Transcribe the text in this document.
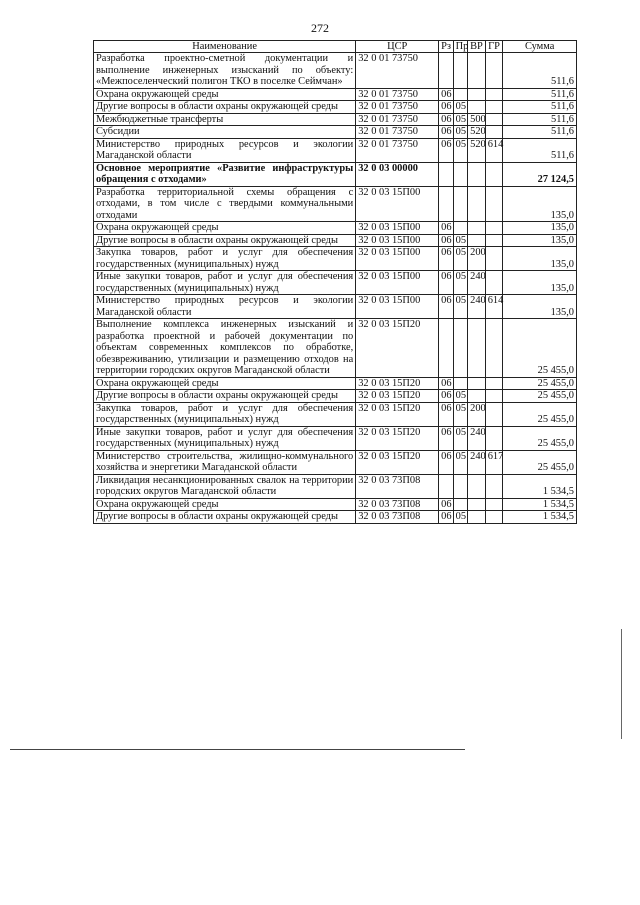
272
Наименование	ЦСР	Рз	Пр	ВР	ГР	Сумма
Разработка проектно-сметной документации и выполнение инженерных изысканий по объекту: «Межпоселенческий полигон ТКО в поселке Сеймчан»	32 0 01 73750					511,6
Охрана окружающей среды	32 0 01 73750	06				511,6
Другие вопросы в области охраны окружающей среды	32 0 01 73750	06	05			511,6
Межбюджетные трансферты	32 0 01 73750	06	05	500		511,6
Субсидии	32 0 01 73750	06	05	520		511,6
Министерство природных ресурсов и экологии Магаданской области	32 0 01 73750	06	05	520	614	511,6
Основное мероприятие «Развитие инфраструктуры обращения с отходами»	32 0 03 00000					27 124,5
Разработка территориальной схемы обращения с отходами, в том числе с твердыми коммунальными отходами	32 0 03 15П00					135,0
Охрана окружающей среды	32 0 03 15П00	06				135,0
Другие вопросы в области охраны окружающей среды	32 0 03 15П00	06	05			135,0
Закупка товаров, работ и услуг для обеспечения государственных (муниципальных) нужд	32 0 03 15П00	06	05	200		135,0
Иные закупки товаров, работ и услуг для обеспечения государственных (муниципальных) нужд	32 0 03 15П00	06	05	240		135,0
Министерство природных ресурсов и экологии Магаданской области	32 0 03 15П00	06	05	240	614	135,0
Выполнение комплекса инженерных изысканий и разработка проектной и рабочей документации по объектам современных комплексов по обработке, обезвреживанию, утилизации и размещению отходов на территории городских округов Магаданской области	32 0 03 15П20					25 455,0
Охрана окружающей среды	32 0 03 15П20	06				25 455,0
Другие вопросы в области охраны окружающей среды	32 0 03 15П20	06	05			25 455,0
Закупка товаров, работ и услуг для обеспечения государственных (муниципальных) нужд	32 0 03 15П20	06	05	200		25 455,0
Иные закупки товаров, работ и услуг для обеспечения государственных (муниципальных) нужд	32 0 03 15П20	06	05	240		25 455,0
Министерство строительства, жилищно-коммунального хозяйства и энергетики Магаданской области	32 0 03 15П20	06	05	240	617	25 455,0
Ликвидация несанкционированных свалок на территории городских округов Магаданской области	32 0 03 73П08					1 534,5
Охрана окружающей среды	32 0 03 73П08	06				1 534,5
Другие вопросы в области охраны окружающей среды	32 0 03 73П08	06	05			1 534,5
